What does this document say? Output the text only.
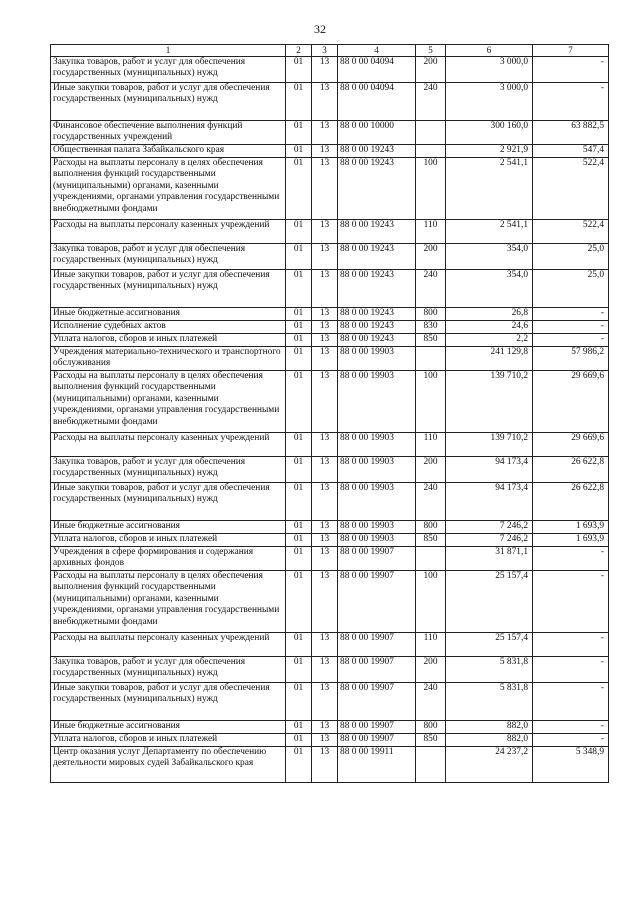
32
1	2	3	4	5	6	7
Закупка товаров, работ и услуг для обеспечения государственных (муниципальных) нужд	01	13	88 0 00 04094	200	3 000,0	-
Иные закупки товаров, работ и услуг для обеспечения государственных (муниципальных) нужд	01	13	88 0 00 04094	240	3 000,0	-
Финансовое обеспечение выполнения функций государственных учреждений	01	13	88 0 00 10000		300 160,0	63 882,5
Общественная палата Забайкальского края	01	13	88 0 00 19243		2 921,9	547,4
Расходы на выплаты персоналу в целях обеспечения выполнения функций государственными (муниципальными) органами, казенными учреждениями, органами управления государственными внебюджетными фондами	01	13	88 0 00 19243	100	2 541,1	522,4
Расходы на выплаты персоналу казенных учреждений	01	13	88 0 00 19243	110	2 541,1	522,4
Закупка товаров, работ и услуг для обеспечения государственных (муниципальных) нужд	01	13	88 0 00 19243	200	354,0	25,0
Иные закупки товаров, работ и услуг для обеспечения государственных (муниципальных) нужд	01	13	88 0 00 19243	240	354,0	25,0
Иные бюджетные ассигнования	01	13	88 0 00 19243	800	26,8	-
Исполнение судебных актов	01	13	88 0 00 19243	830	24,6	-
Уплата налогов, сборов и иных платежей	01	13	88 0 00 19243	850	2,2	-
Учреждения материально-технического и транспортного обслуживания	01	13	88 0 00 19903		241 129,8	57 986,2
Расходы на выплаты персоналу в целях обеспечения выполнения функций государственными (муниципальными) органами, казенными учреждениями, органами управления государственными внебюджетными фондами	01	13	88 0 00 19903	100	139 710,2	29 669,6
Расходы на выплаты персоналу казенных учреждений	01	13	88 0 00 19903	110	139 710,2	29 669,6
Закупка товаров, работ и услуг для обеспечения государственных (муниципальных) нужд	01	13	88 0 00 19903	200	94 173,4	26 622,8
Иные закупки товаров, работ и услуг для обеспечения государственных (муниципальных) нужд	01	13	88 0 00 19903	240	94 173,4	26 622,8
Иные бюджетные ассигнования	01	13	88 0 00 19903	800	7 246,2	1 693,9
Уплата налогов, сборов и иных платежей	01	13	88 0 00 19903	850	7 246,2	1 693,9
Учреждения в сфере формирования и содержания архивных фондов	01	13	88 0 00 19907		31 871,1	-
Расходы на выплаты персоналу в целях обеспечения выполнения функций государственными (муниципальными) органами, казенными учреждениями, органами управления государственными внебюджетными фондами	01	13	88 0 00 19907	100	25 157,4	-
Расходы на выплаты персоналу казенных учреждений	01	13	88 0 00 19907	110	25 157,4	-
Закупка товаров, работ и услуг для обеспечения государственных (муниципальных) нужд	01	13	88 0 00 19907	200	5 831,8	-
Иные закупки товаров, работ и услуг для обеспечения государственных (муниципальных) нужд	01	13	88 0 00 19907	240	5 831,8	-
Иные бюджетные ассигнования	01	13	88 0 00 19907	800	882,0	-
Уплата налогов, сборов и иных платежей	01	13	88 0 00 19907	850	882,0	-
Центр оказания услуг Департаменту по обеспечению деятельности мировых судей Забайкальского края	01	13	88 0 00 19911		24 237,2	5 348,9
